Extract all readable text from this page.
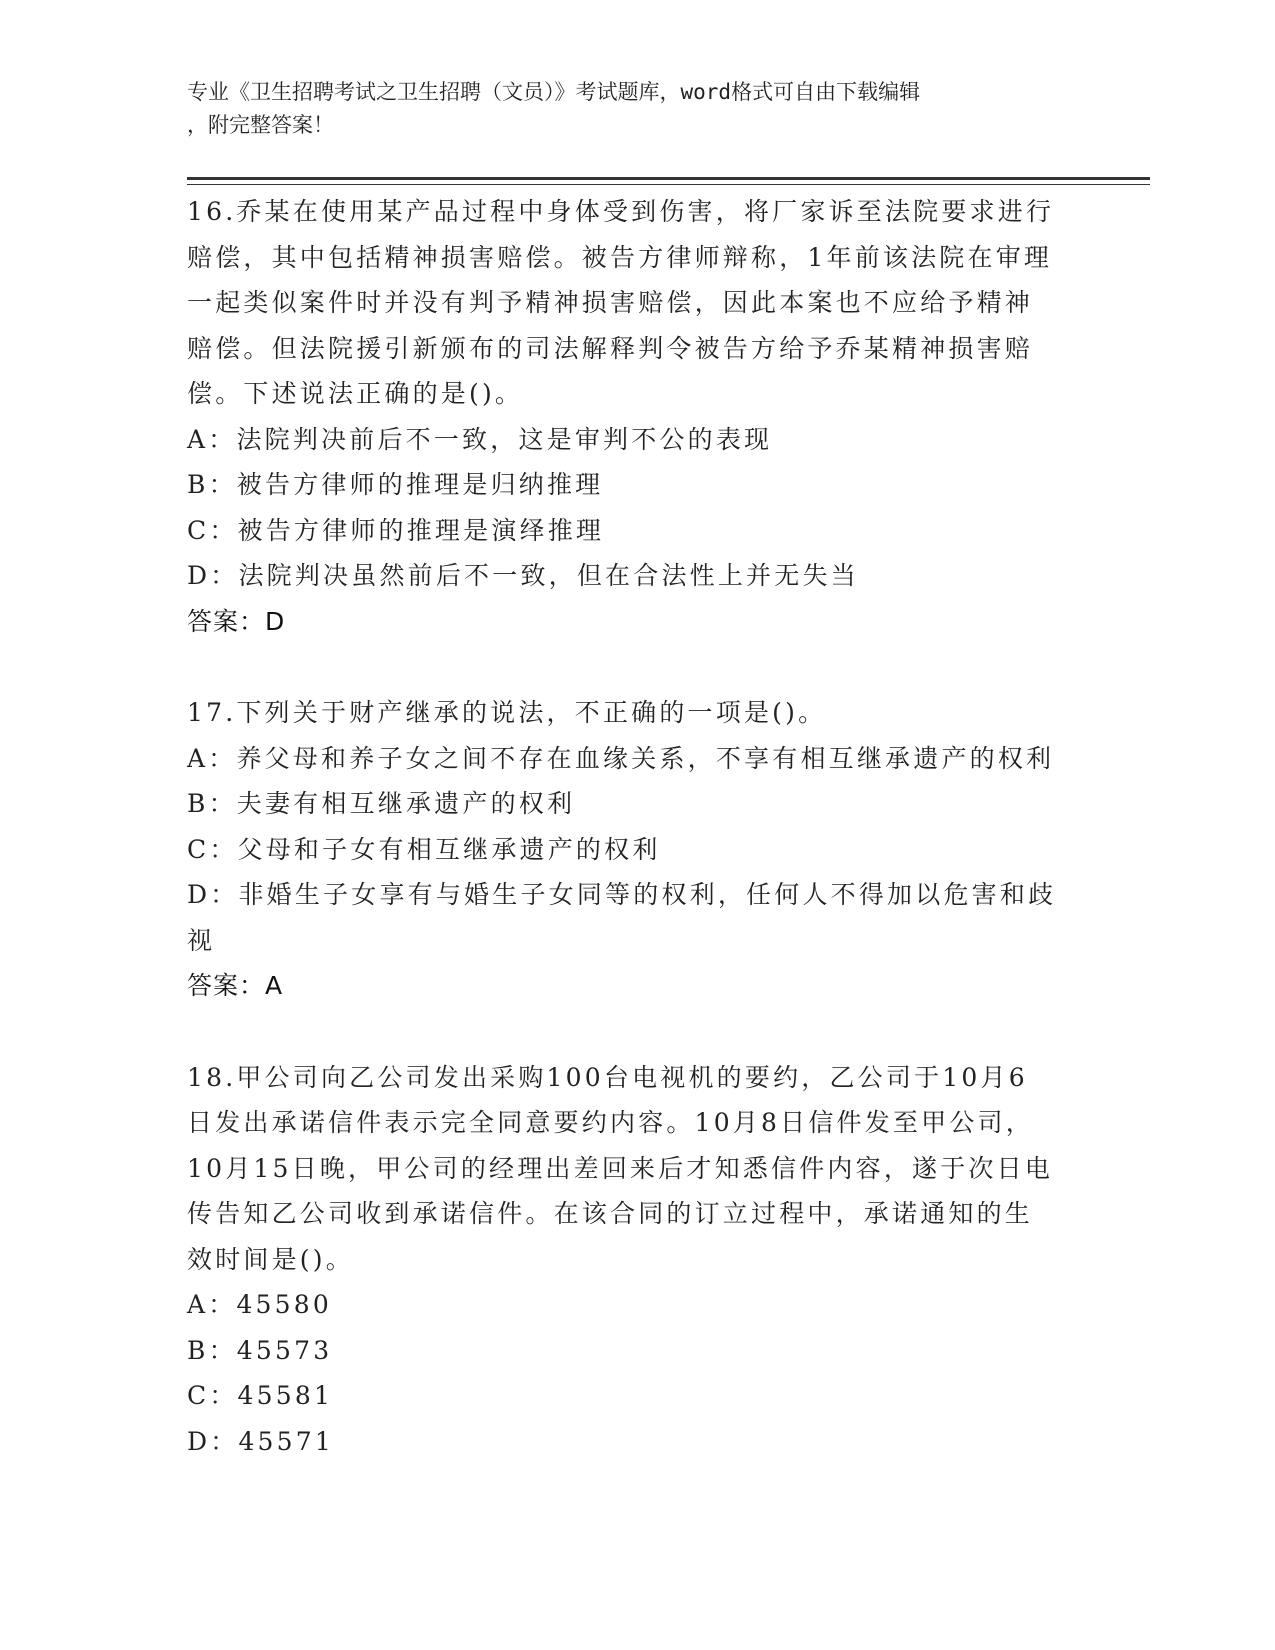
专业《卫生招聘考试之卫生招聘（文员）》考试题库，word格式可自由下载编辑
，附完整答案！
16.乔某在使用某产品过程中身体受到伤害，将厂家诉至法院要求进行
赔偿，其中包括精神损害赔偿。被告方律师辩称，1年前该法院在审理
一起类似案件时并没有判予精神损害赔偿，因此本案也不应给予精神
赔偿。但法院援引新颁布的司法解释判令被告方给予乔某精神损害赔
偿。下述说法正确的是()。
A：法院判决前后不一致，这是审判不公的表现
B：被告方律师的推理是归纳推理
C：被告方律师的推理是演绎推理
D：法院判决虽然前后不一致，但在合法性上并无失当
答案：D
17.下列关于财产继承的说法，不正确的一项是()。
A：养父母和养子女之间不存在血缘关系，不享有相互继承遗产的权利
B：夫妻有相互继承遗产的权利
C：父母和子女有相互继承遗产的权利
D：非婚生子女享有与婚生子女同等的权利，任何人不得加以危害和歧
视
答案：A
18.甲公司向乙公司发出采购100台电视机的要约，乙公司于10月6
日发出承诺信件表示完全同意要约内容。10月8日信件发至甲公司，
10月15日晚，甲公司的经理出差回来后才知悉信件内容，遂于次日电
传告知乙公司收到承诺信件。在该合同的订立过程中，承诺通知的生
效时间是()。
A：45580
B：45573
C：45581
D：45571
